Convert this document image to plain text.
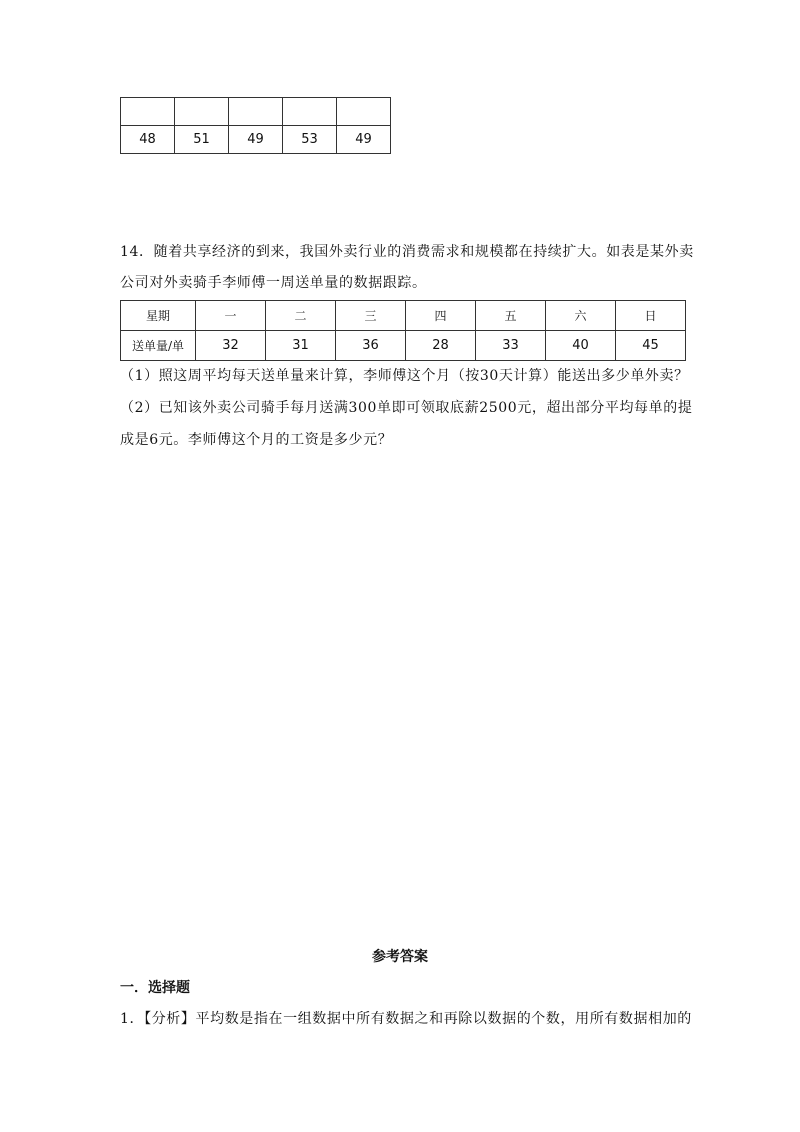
48	51	49	53	49
14．随着共享经济的到来，我国外卖行业的消费需求和规模都在持续扩大。如表是某外卖
公司对外卖骑手李师傅一周送单量的数据跟踪。
星期	一	二	三	四	五	六	日
送单量/单	32	31	36	28	33	40	45
（1）照这周平均每天送单量来计算，李师傅这个月（按30天计算）能送出多少单外卖？
（2）已知该外卖公司骑手每月送满300单即可领取底薪2500元，超出部分平均每单的提
成是6元。李师傅这个月的工资是多少元？
参考答案
一．选择题
1．【分析】平均数是指在一组数据中所有数据之和再除以数据的个数，用所有数据相加的
